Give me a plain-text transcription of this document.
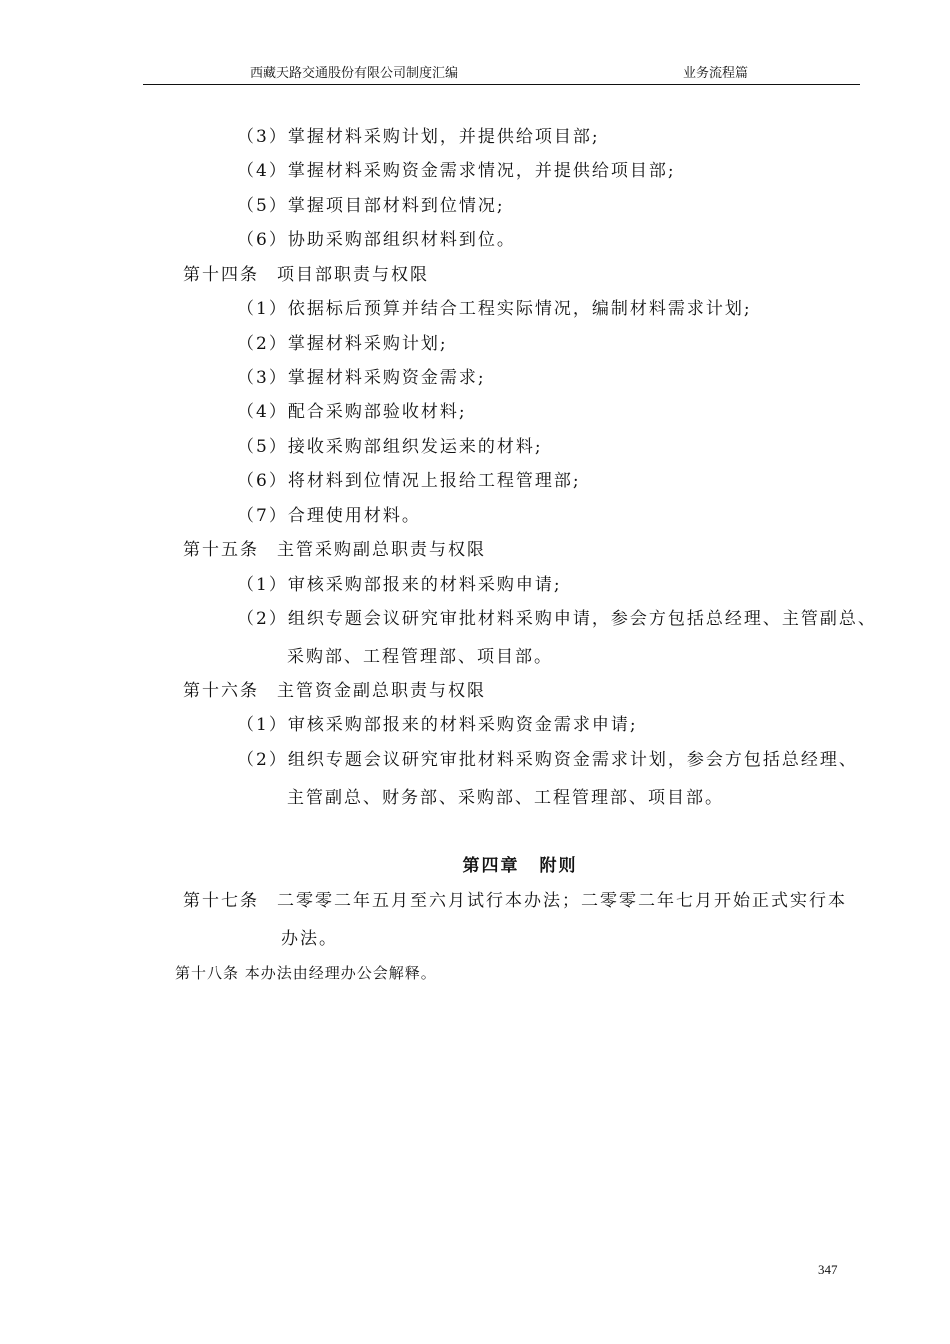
西藏天路交通股份有限公司制度汇编	业务流程篇
（3）掌握材料采购计划，并提供给项目部;
（4）掌握材料采购资金需求情况，并提供给项目部;
（5）掌握项目部材料到位情况;
（6）协助采购部组织材料到位。
第十四条 项目部职责与权限
（1）依据标后预算并结合工程实际情况，编制材料需求计划;
（2）掌握材料采购计划;
（3）掌握材料采购资金需求;
（4）配合采购部验收材料;
（5）接收采购部组织发运来的材料;
（6）将材料到位情况上报给工程管理部;
（7）合理使用材料。
第十五条 主管采购副总职责与权限
（1）审核采购部报来的材料采购申请;
（2）组织专题会议研究审批材料采购申请，参会方包括总经理、主管副总、
采购部、工程管理部、项目部。
第十六条 主管资金副总职责与权限
（1）审核采购部报来的材料采购资金需求申请;
（2）组织专题会议研究审批材料采购资金需求计划，参会方包括总经理、
主管副总、财务部、采购部、工程管理部、项目部。
第四章 附则
第十七条 二零零二年五月至六月试行本办法；二零零二年七月开始正式实行本
办法。
第十八条 本办法由经理办公会解释。
347
